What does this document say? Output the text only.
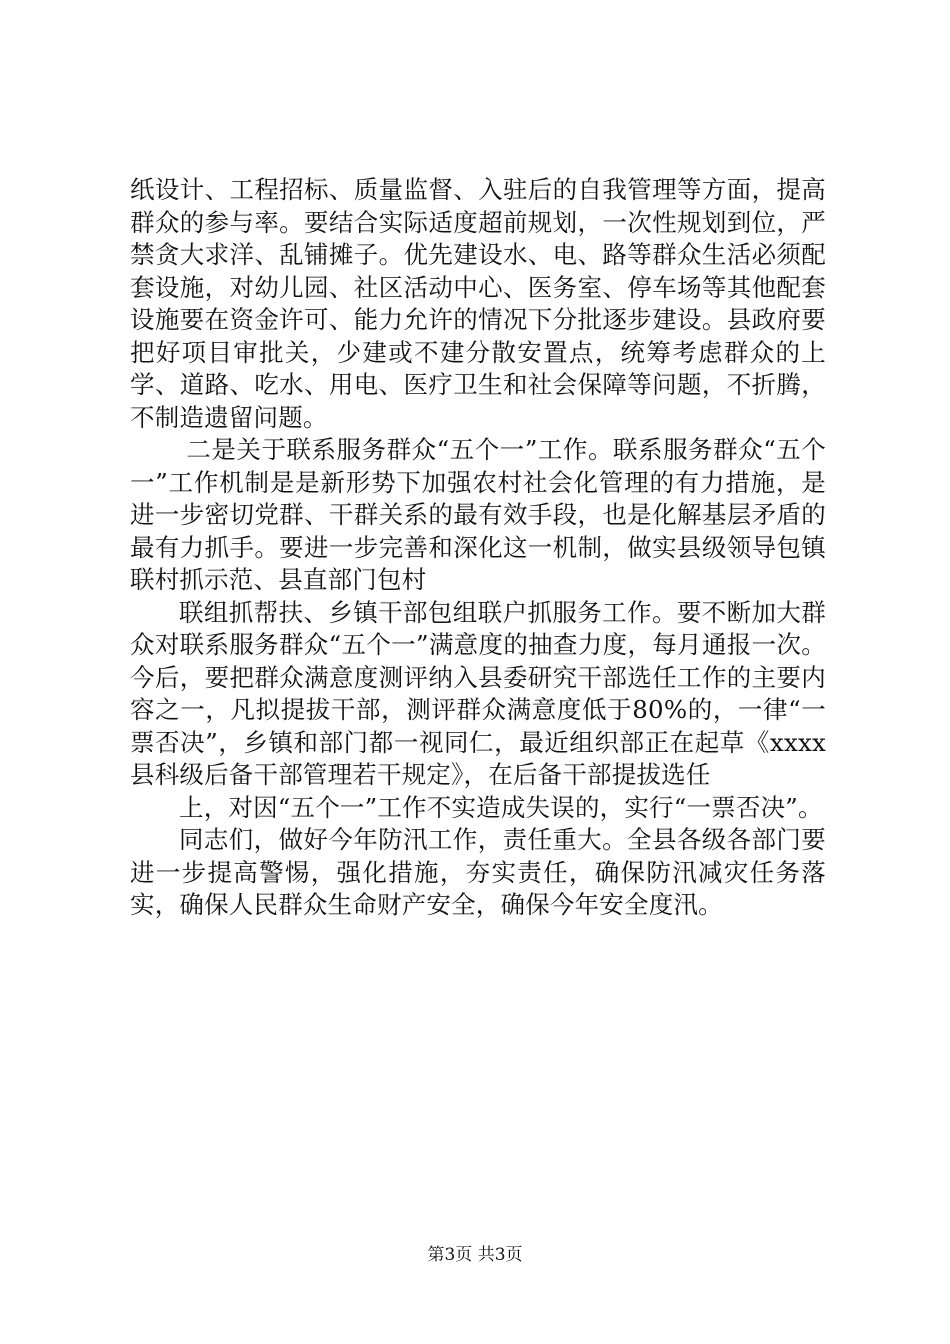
纸设计、工程招标、质量监督、入驻后的自我管理等方面，提高群众的参与率。要结合实际适度超前规划，一次性规划到位，严禁贪大求洋、乱铺摊子。优先建设水、电、路等群众生活必须配套设施，对幼儿园、社区活动中心、医务室、停车场等其他配套设施要在资金许可、能力允许的情况下分批逐步建设。县政府要把好项目审批关，少建或不建分散安置点，统筹考虑群众的上学、道路、吃水、用电、医疗卫生和社会保障等问题，不折腾，不制造遗留问题。

二是关于联系服务群众“五个一”工作。联系服务群众“五个一”工作机制是是新形势下加强农村社会化管理的有力措施，是进一步密切党群、干群关系的最有效手段，也是化解基层矛盾的最有力抓手。要进一步完善和深化这一机制，做实县级领导包镇联村抓示范、县直部门包村

联组抓帮扶、乡镇干部包组联户抓服务工作。要不断加大群众对联系服务群众“五个一”满意度的抽查力度，每月通报一次。今后，要把群众满意度测评纳入县委研究干部选任工作的主要内容之一，凡拟提拔干部，测评群众满意度低于80%的，一律“一票否决”，乡镇和部门都一视同仁，最近组织部正在起草《xxxx县科级后备干部管理若干规定》，在后备干部提拔选任

上，对因“五个一”工作不实造成失误的，实行“一票否决”。

同志们，做好今年防汛工作，责任重大。全县各级各部门要进一步提高警惕，强化措施，夯实责任，确保防汛减灾任务落实，确保人民群众生命财产安全，确保今年安全度汛。

第3页 共3页
